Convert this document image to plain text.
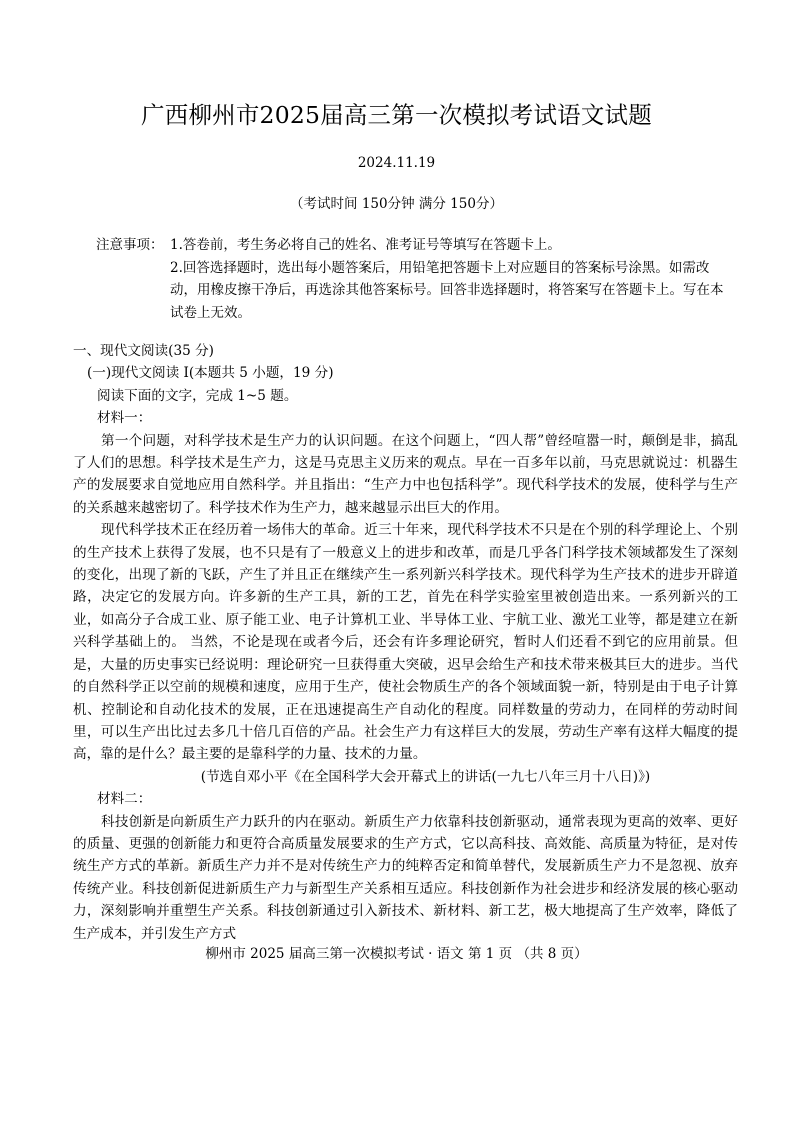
广西柳州市2025届高三第一次模拟考试语文试题
2024.11.19
（考试时间 150分钟 满分 150分）
注意事项： 1.答卷前，考生务必将自己的姓名、准考证号等填写在答题卡上。
2.回答选择题时，选出每小题答案后，用铅笔把答题卡上对应题目的答案标号涂黑。如需改动，用橡皮擦干净后，再选涂其他答案标号。回答非选择题时，将答案写在答题卡上。写在本试卷上无效。

一、现代文阅读(35 分)

(一)现代文阅读 I(本题共 5 小题，19 分)

阅读下面的文字，完成 1~5 题。

材料一：

第一个问题，对科学技术是生产力的认识问题。在这个问题上，“四人帮”曾经喧嚣一时，颠倒是非，搞乱了人们的思想。科学技术是生产力，这是马克思主义历来的观点。早在一百多年以前，马克思就说过：机器生产的发展要求自觉地应用自然科学。并且指出：“生产力中也包括科学”。现代科学技术的发展，使科学与生产的关系越来越密切了。科学技术作为生产力，越来越显示出巨大的作用。

现代科学技术正在经历着一场伟大的革命。近三十年来，现代科学技术不只是在个别的科学理论上、个别的生产技术上获得了发展，也不只是有了一般意义上的进步和改革，而是几乎各门科学技术领域都发生了深刻的变化，出现了新的飞跃，产生了并且正在继续产生一系列新兴科学技术。现代科学为生产技术的进步开辟道路，决定它的发展方向。许多新的生产工具，新的工艺，首先在科学实验室里被创造出来。一系列新兴的工业，如高分子合成工业、原子能工业、电子计算机工业、半导体工业、宇航工业、激光工业等，都是建立在新兴科学基础上的。 当然，不论是现在或者今后，还会有许多理论研究，暂时人们还看不到它的应用前景。但是，大量的历史事实已经说明：理论研究一旦获得重大突破，迟早会给生产和技术带来极其巨大的进步。当代的自然科学正以空前的规模和速度，应用于生产，使社会物质生产的各个领域面貌一新，特别是由于电子计算机、控制论和自动化技术的发展，正在迅速提高生产自动化的程度。同样数量的劳动力，在同样的劳动时间里，可以生产出比过去多几十倍几百倍的产品。社会生产力有这样巨大的发展，劳动生产率有这样大幅度的提高，靠的是什么？最主要的是靠科学的力量、技术的力量。

(节选自邓小平《在全国科学大会开幕式上的讲话(一九七八年三月十八日)》)

材料二：

科技创新是向新质生产力跃升的内在驱动。新质生产力依靠科技创新驱动，通常表现为更高的效率、更好的质量、更强的创新能力和更符合高质量发展要求的生产方式，它以高科技、高效能、高质量为特征，是对传统生产方式的革新。新质生产力并不是对传统生产力的纯粹否定和简单替代，发展新质生产力不是忽视、放弃传统产业。科技创新促进新质生产力与新型生产关系相互适应。科技创新作为社会进步和经济发展的核心驱动力，深刻影响并重塑生产关系。科技创新通过引入新技术、新材料、新工艺，极大地提高了生产效率，降低了生产成本，并引发生产方式

柳州市 2025 届高三第一次模拟考试 · 语文 第 1 页 （共 8 页）
